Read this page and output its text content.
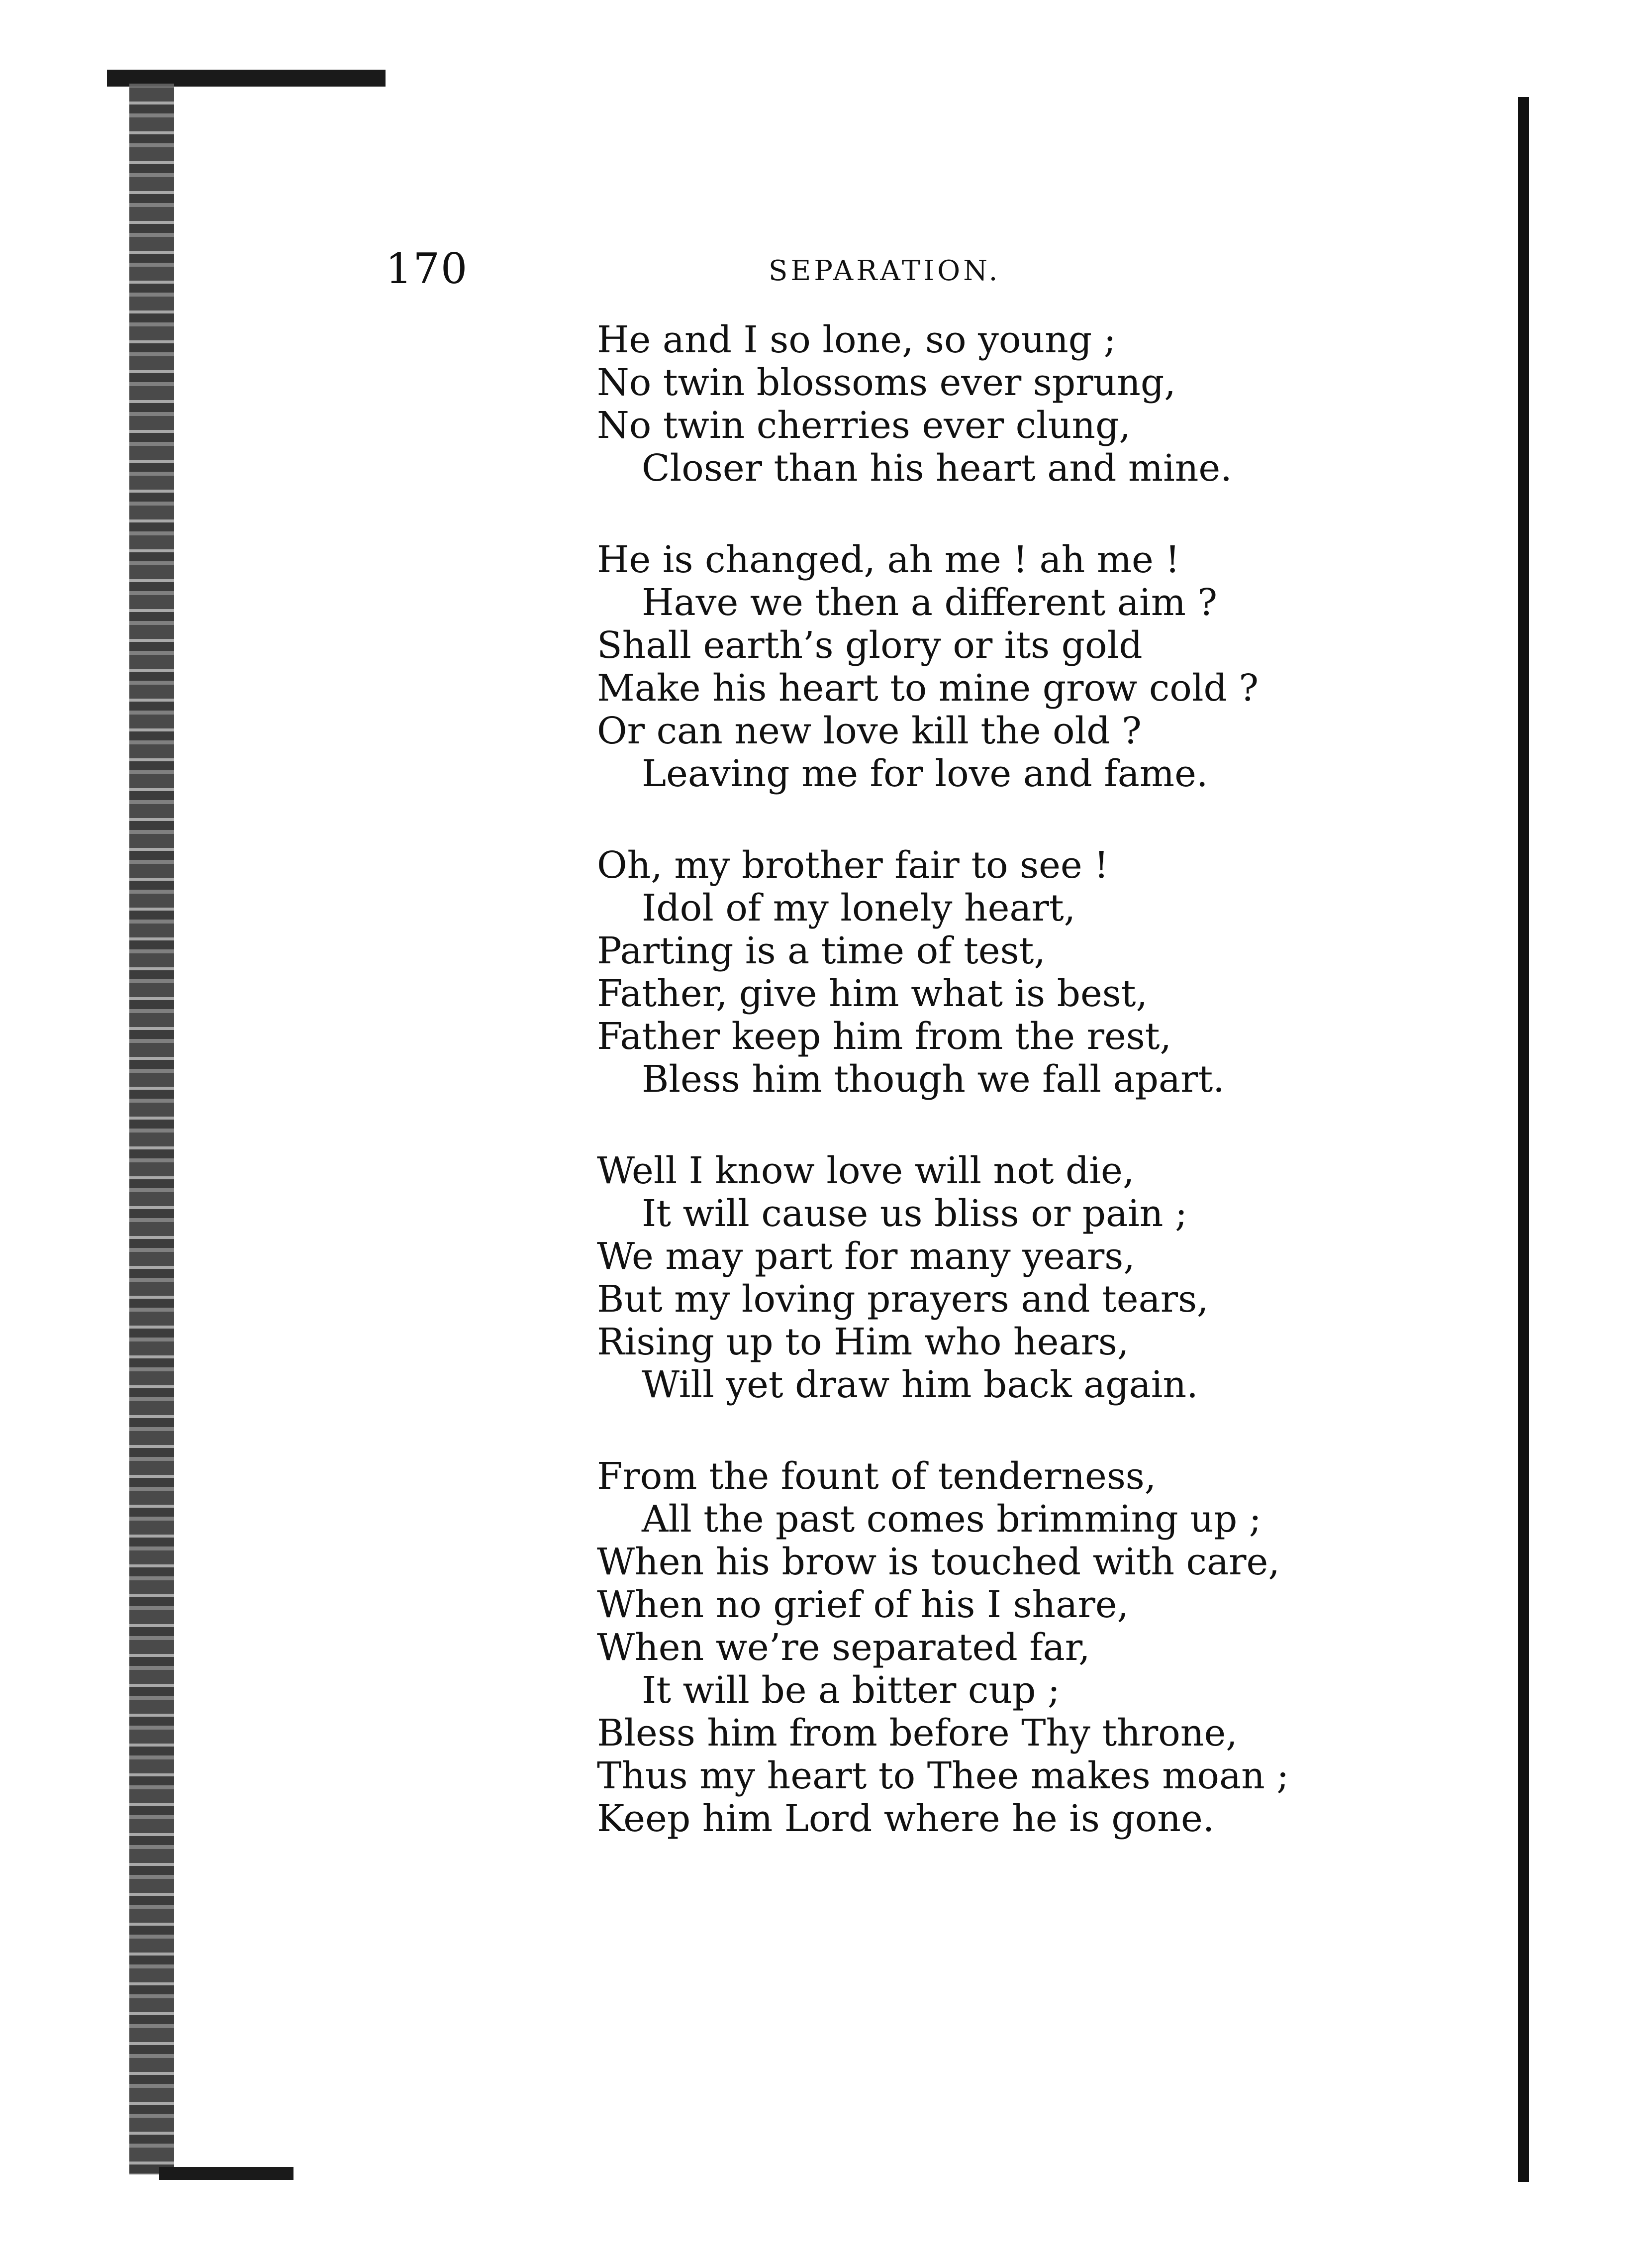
170	SEPARATION.
He and I so lone, so young ;
No twin blossoms ever sprung,
No twin cherries ever clung,
Closer than his heart and mine.
He is changed, ah me ! ah me !
Have we then a different aim ?
Shall earth’s glory or its gold
Make his heart to mine grow cold ?
Or can new love kill the old ?
Leaving me for love and fame.
Oh, my brother fair to see !
Idol of my lonely heart,
Parting is a time of test,
Father, give him what is best,
Father keep him from the rest,
Bless him though we fall apart.
Well I know love will not die,
It will cause us bliss or pain ;
We may part for many years,
But my loving prayers and tears,
Rising up to Him who hears,
Will yet draw him back again.
From the fount of tenderness,
All the past comes brimming up ;
When his brow is touched with care,
When no grief of his I share,
When we’re separated far,
It will be a bitter cup ;
Bless him from before Thy throne,
Thus my heart to Thee makes moan ;
Keep him Lord where he is gone.
